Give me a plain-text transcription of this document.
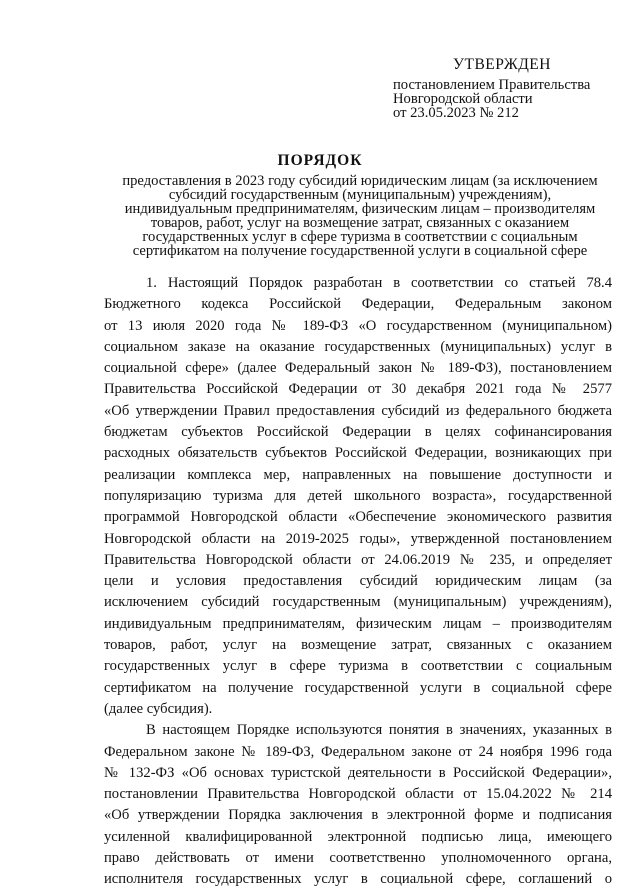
УТВЕРЖДЕН
постановлением Правительства
Новгородской области
от 23.05.2023 № 212
ПОРЯДОК
предоставления в 2023 году субсидий юридическим лицам (за исключением
субсидий государственным (муниципальным) учреждениям),
индивидуальным предпринимателям, физическим лицам – производителям
товаров, работ, услуг на возмещение затрат, связанных с оказанием
государственных услуг в сфере туризма в соответствии с социальным
сертификатом на получение государственной услуги в социальной сфере
1. Настоящий Порядок разработан в соответствии со статьей 78.4
Бюджетного кодекса Российской Федерации, Федеральным законом
от 13 июля 2020 года № 189-ФЗ «О государственном (муниципальном)
социальном заказе на оказание государственных (муниципальных) услуг в
социальной сфере» (далее Федеральный закон № 189-ФЗ), постановлением
Правительства Российской Федерации от 30 декабря 2021 года № 2577
«Об утверждении Правил предоставления субсидий из федерального бюджета
бюджетам субъектов Российской Федерации в целях софинансирования
расходных обязательств субъектов Российской Федерации, возникающих при
реализации комплекса мер, направленных на повышение доступности и
популяризацию туризма для детей школьного возраста», государственной
программой Новгородской области «Обеспечение экономического развития
Новгородской области на 2019-2025 годы», утвержденной постановлением
Правительства Новгородской области от 24.06.2019 № 235, и определяет
цели и условия предоставления субсидий юридическим лицам (за
исключением субсидий государственным (муниципальным) учреждениям),
индивидуальным предпринимателям, физическим лицам – производителям
товаров, работ, услуг на возмещение затрат, связанных с оказанием
государственных услуг в сфере туризма в соответствии с социальным
сертификатом на получение государственной услуги в социальной сфере
(далее субсидия).
В настоящем Порядке используются понятия в значениях, указанных в
Федеральном законе № 189-ФЗ, Федеральном законе от 24 ноября 1996 года
№ 132-ФЗ «Об основах туристской деятельности в Российской Федерации»,
постановлении Правительства Новгородской области от 15.04.2022 № 214
«Об утверждении Порядка заключения в электронной форме и подписания
усиленной квалифицированной электронной подписью лица, имеющего
право действовать от имени соответственно уполномоченного органа,
исполнителя государственных услуг в социальной сфере, соглашений о
